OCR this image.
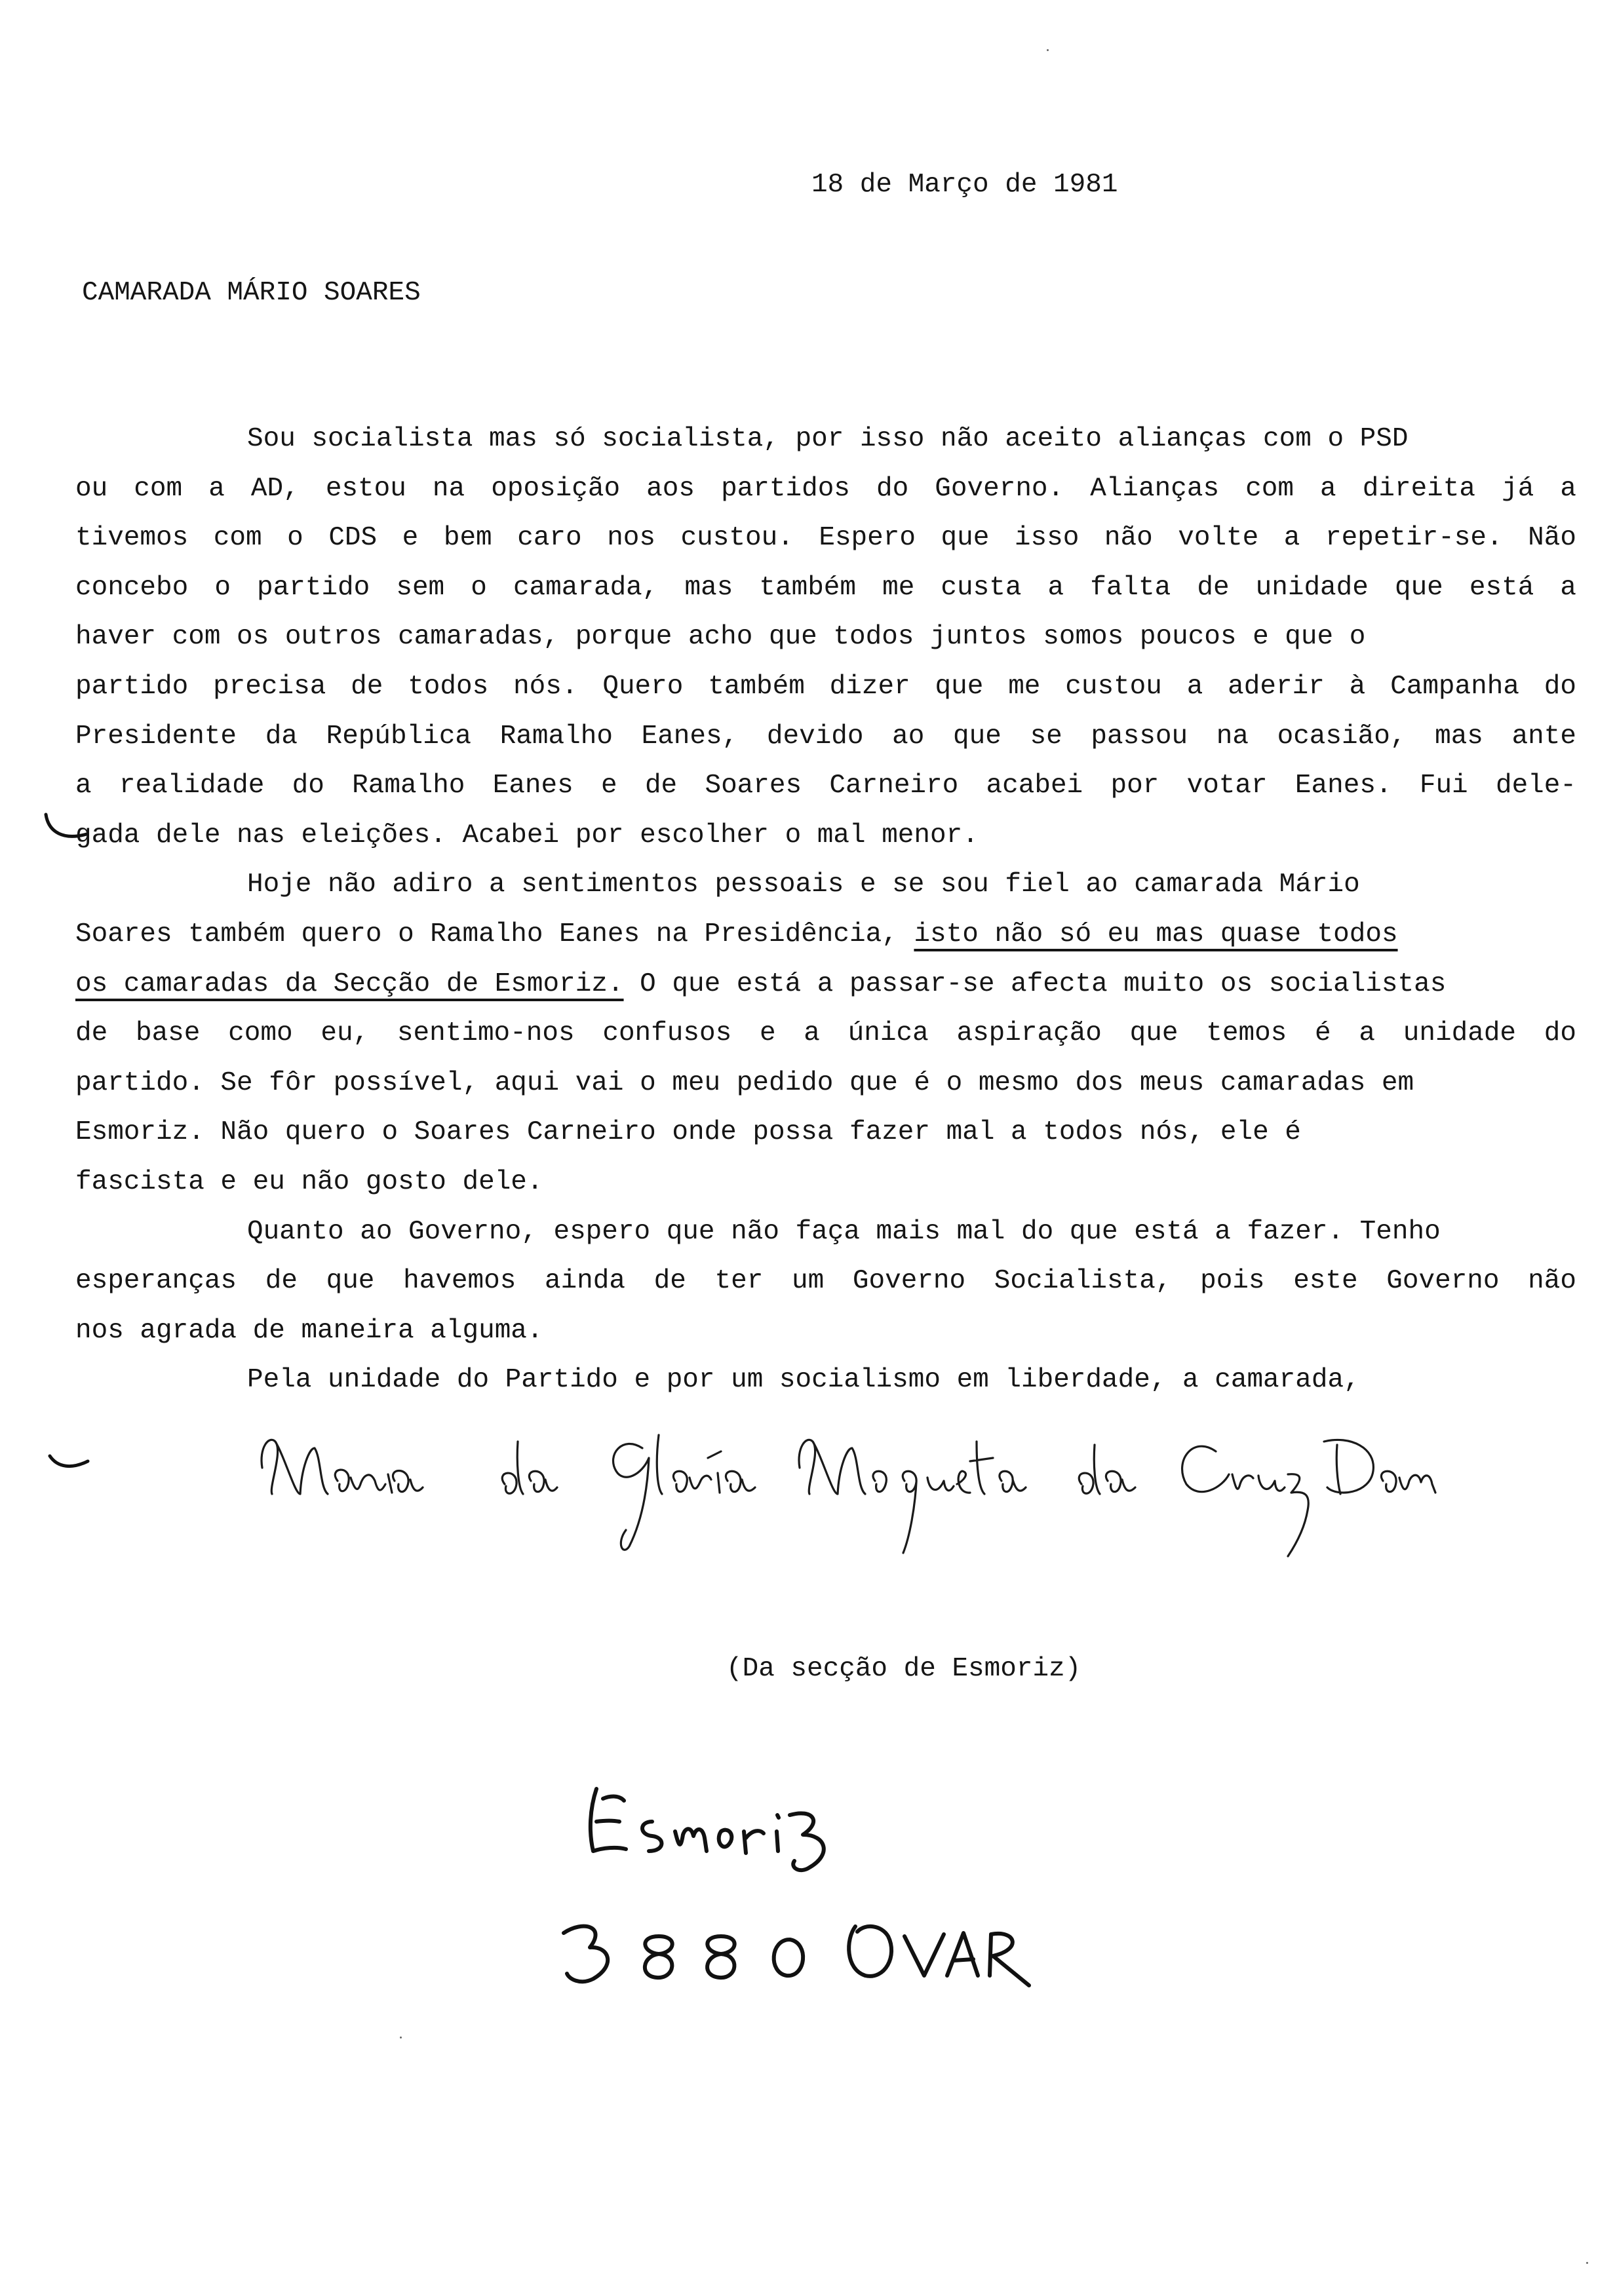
18 de Março de 1981
CAMARADA MÁRIO SOARES
Sou socialista mas só socialista, por isso não aceito alianças com o PSD
ou com a AD, estou na oposição aos partidos do Governo. Alianças com a direita já a
tivemos com o CDS e bem caro nos custou. Espero que isso não volte a repetir-se. Não
concebo o partido sem o camarada, mas também me custa a falta de unidade que está a
haver com os outros camaradas, porque acho que todos juntos somos poucos e que o
partido precisa de todos nós. Quero também dizer que me custou a aderir à Campanha do
Presidente da República Ramalho Eanes, devido ao que se passou na ocasião, mas ante
a realidade do Ramalho Eanes e de Soares Carneiro acabei por votar Eanes. Fui dele-
gada dele nas eleições. Acabei por escolher o mal menor.
Hoje não adiro a sentimentos pessoais e se sou fiel ao camarada Mário
Soares também quero o Ramalho Eanes na Presidência, isto não só eu mas quase todos
os camaradas da Secção de Esmoriz. O que está a passar-se afecta muito os socialistas
de base como eu, sentimo-nos confusos e a única aspiração que temos é a unidade do
partido. Se fôr possível, aqui vai o meu pedido que é o mesmo dos meus camaradas em
Esmoriz. Não quero o Soares Carneiro onde possa fazer mal a todos nós, ele é
fascista e eu não gosto dele.
Quanto ao Governo, espero que não faça mais mal do que está a fazer. Tenho
esperanças de que havemos ainda de ter um Governo Socialista, pois este Governo não
nos agrada de maneira alguma.
Pela unidade do Partido e por um socialismo em liberdade, a camarada,
(Da secção de Esmoriz)
